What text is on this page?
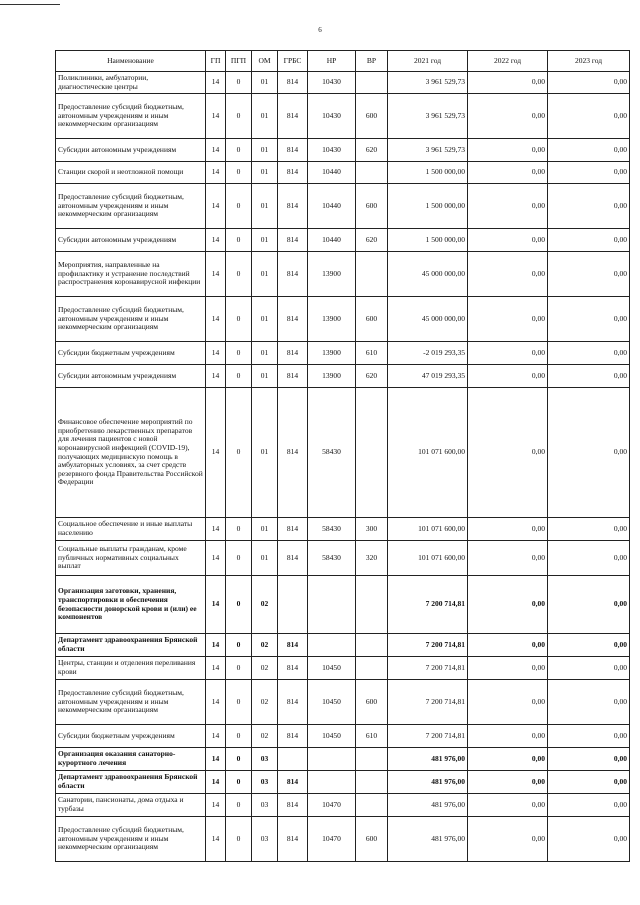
6
Наименование	ГП	ПГП	ОМ	ГРБС	НР	ВР	2021 год	2022 год	2023 год
Поликлиники, амбулатории, диагностические центры	14	0	01	814	10430		3 961 529,73	0,00	0,00
Предоставление субсидий бюджетным, автономным учреждениям и иным некоммерческим организациям	14	0	01	814	10430	600	3 961 529,73	0,00	0,00
Субсидии автономным учреждениям	14	0	01	814	10430	620	3 961 529,73	0,00	0,00
Станции скорой и неотложной помощи	14	0	01	814	10440		1 500 000,00	0,00	0,00
Предоставление субсидий бюджетным, автономным учреждениям и иным некоммерческим организациям	14	0	01	814	10440	600	1 500 000,00	0,00	0,00
Субсидии автономным учреждениям	14	0	01	814	10440	620	1 500 000,00	0,00	0,00
Мероприятия, направленные на профилактику и устранение последствий распространения коронавирусной инфекции	14	0	01	814	13900		45 000 000,00	0,00	0,00
Предоставление субсидий бюджетным, автономным учреждениям и иным некоммерческим организациям	14	0	01	814	13900	600	45 000 000,00	0,00	0,00
Субсидии бюджетным учреждениям	14	0	01	814	13900	610	-2 019 293,35	0,00	0,00
Субсидии автономным учреждениям	14	0	01	814	13900	620	47 019 293,35	0,00	0,00
Финансовое обеспечение мероприятий по приобретению лекарственных препаратов для лечения пациентов с новой коронавирусной инфекцией (COVID-19), получающих медицинскую помощь в амбулаторных условиях, за счет средств резервного фонда Правительства Российской Федерации	14	0	01	814	58430		101 071 600,00	0,00	0,00
Социальное обеспечение и иные выплаты населению	14	0	01	814	58430	300	101 071 600,00	0,00	0,00
Социальные выплаты гражданам, кроме публичных нормативных социальных выплат	14	0	01	814	58430	320	101 071 600,00	0,00	0,00
Организация заготовки, хранения, транспортировки и обеспечения безопасности донорской крови и (или) ее компонентов	14	0	02				7 200 714,81	0,00	0,00
Департамент здравоохранения Брянской области	14	0	02	814			7 200 714,81	0,00	0,00
Центры, станции и отделения переливания крови	14	0	02	814	10450		7 200 714,81	0,00	0,00
Предоставление субсидий бюджетным, автономным учреждениям и иным некоммерческим организациям	14	0	02	814	10450	600	7 200 714,81	0,00	0,00
Субсидии бюджетным учреждениям	14	0	02	814	10450	610	7 200 714,81	0,00	0,00
Организация оказания санаторно-курортного лечения	14	0	03				481 976,00	0,00	0,00
Департамент здравоохранения Брянской области	14	0	03	814			481 976,00	0,00	0,00
Санатории, пансионаты, дома отдыха и турбазы	14	0	03	814	10470		481 976,00	0,00	0,00
Предоставление субсидий бюджетным, автономным учреждениям и иным некоммерческим организациям	14	0	03	814	10470	600	481 976,00	0,00	0,00
